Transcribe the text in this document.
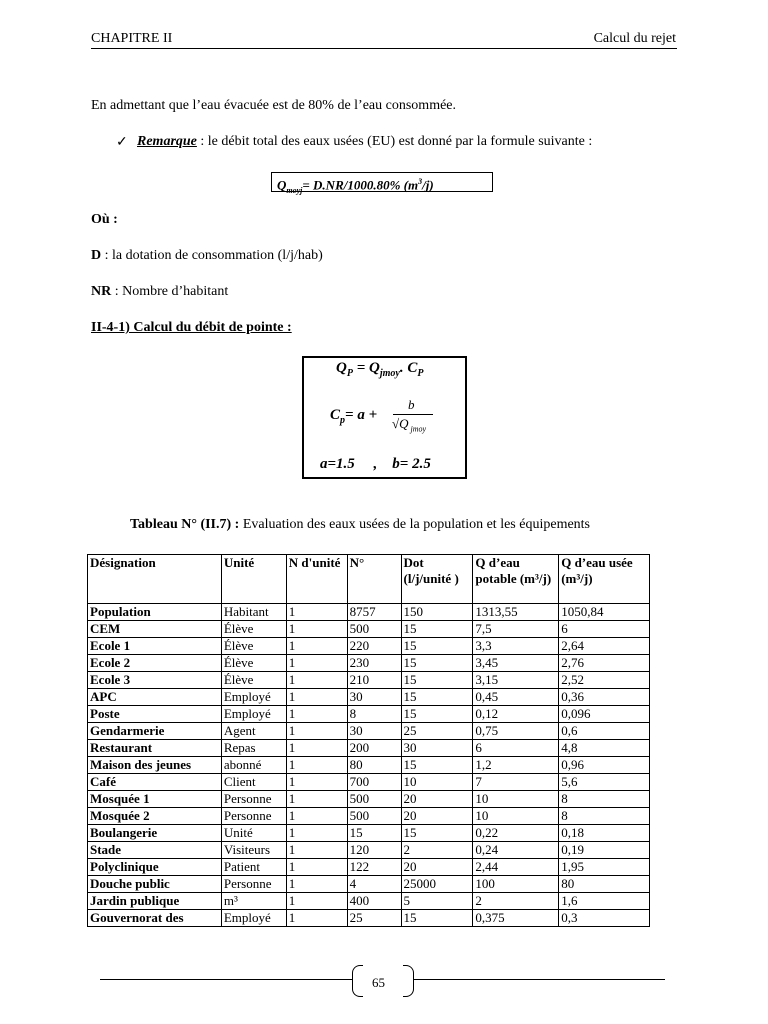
CHAPITRE II	Calcul du rejet
En admettant que l’eau évacuée est de 80% de l’eau consommée.
✓ Remarque : le débit total des eaux usées (EU) est donné par la formule suivante :
$Q_{moyj}= D.NR/1000.80\%$ $(m^3/j)$
Où :
D : la dotation de consommation (l/j/hab)
NR : Nombre d’habitant
II-4-1) Calcul du débit de pointe :
$Q_P = Q_{jmoy}$. $C_P$
$C_p= a$ +
b
√Q $_{jmoy}$
a=1.5     ,    b= 2.5
Tableau N° (II.7) : Evaluation des eaux usées de la population et les équipements
Désignation	Unité	N d'unité	N°	Dot (l/j/unité )	Q d’eau potable (m³/j)	Q d’eau usée (m³/j)
Population	Habitant	1	8757	150	1313,55	1050,84
CEM	Élève	1	500	15	7,5	6
Ecole 1	Élève	1	220	15	3,3	2,64
Ecole 2	Élève	1	230	15	3,45	2,76
Ecole 3	Élève	1	210	15	3,15	2,52
APC	Employé	1	30	15	0,45	0,36
Poste	Employé	1	8	15	0,12	0,096
Gendarmerie	Agent	1	30	25	0,75	0,6
Restaurant	Repas	1	200	30	6	4,8
Maison des jeunes	abonné	1	80	15	1,2	0,96
Café	Client	1	700	10	7	5,6
Mosquée 1	Personne	1	500	20	10	8
Mosquée 2	Personne	1	500	20	10	8
Boulangerie	Unité	1	15	15	0,22	0,18
Stade	Visiteurs	1	120	2	0,24	0,19
Polyclinique	Patient	1	122	20	2,44	1,95
Douche public	Personne	1	4	25000	100	80
Jardin publique	m³	1	400	5	2	1,6
Gouvernorat des	Employé	1	25	15	0,375	0,3
65
